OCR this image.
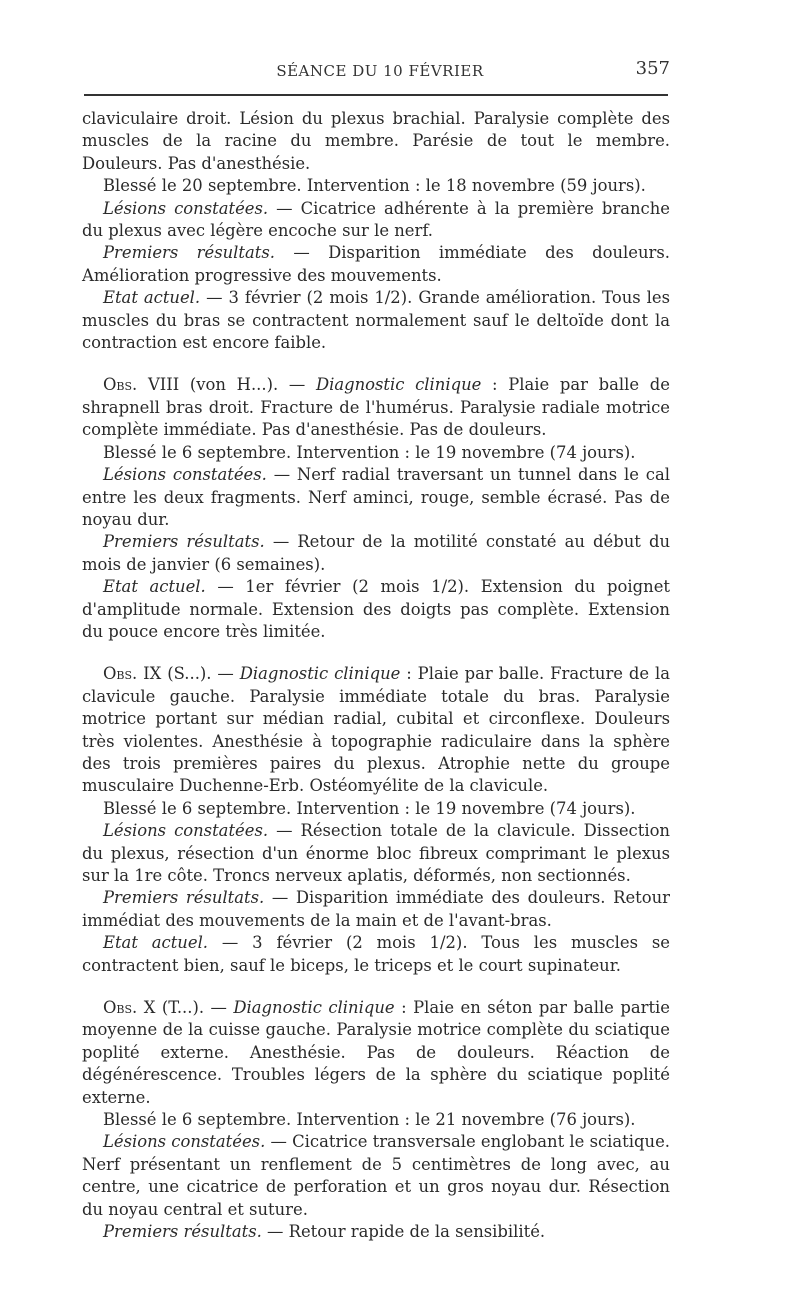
SÉANCE DU 10 FÉVRIER	357

claviculaire droit. Lésion du plexus brachial. Paralysie complète des muscles de la racine du membre. Parésie de tout le membre. Douleurs. Pas d'anesthésie.

Blessé le 20 septembre. Intervention : le 18 novembre (59 jours).

Lésions constatées. — Cicatrice adhérente à la première branche du plexus avec légère encoche sur le nerf.

Premiers résultats. — Disparition immédiate des douleurs. Amélioration progressive des mouvements.

Etat actuel. — 3 février (2 mois 1/2). Grande amélioration. Tous les muscles du bras se contractent normalement sauf le deltoïde dont la contraction est encore faible.

Obs. VIII (von H...). — Diagnostic clinique : Plaie par balle de shrapnell bras droit. Fracture de l'humérus. Paralysie radiale motrice complète immédiate. Pas d'anesthésie. Pas de douleurs.

Blessé le 6 septembre. Intervention : le 19 novembre (74 jours).

Lésions constatées. — Nerf radial traversant un tunnel dans le cal entre les deux fragments. Nerf aminci, rouge, semble écrasé. Pas de noyau dur.

Premiers résultats. — Retour de la motilité constaté au début du mois de janvier (6 semaines).

Etat actuel. — 1er février (2 mois 1/2). Extension du poignet d'amplitude normale. Extension des doigts pas complète. Extension du pouce encore très limitée.

Obs. IX (S...). — Diagnostic clinique : Plaie par balle. Fracture de la clavicule gauche. Paralysie immédiate totale du bras. Paralysie motrice portant sur médian radial, cubital et circonflexe. Douleurs très violentes. Anesthésie à topographie radiculaire dans la sphère des trois premières paires du plexus. Atrophie nette du groupe musculaire Duchenne-Erb. Ostéomyélite de la clavicule.

Blessé le 6 septembre. Intervention : le 19 novembre (74 jours).

Lésions constatées. — Résection totale de la clavicule. Dissection du plexus, résection d'un énorme bloc fibreux comprimant le plexus sur la 1re côte. Troncs nerveux aplatis, déformés, non sectionnés.

Premiers résultats. — Disparition immédiate des douleurs. Retour immédiat des mouvements de la main et de l'avant-bras.

Etat actuel. — 3 février (2 mois 1/2). Tous les muscles se contractent bien, sauf le biceps, le triceps et le court supinateur.

Obs. X (T...). — Diagnostic clinique : Plaie en séton par balle partie moyenne de la cuisse gauche. Paralysie motrice complète du sciatique poplité externe. Anesthésie. Pas de douleurs. Réaction de dégénérescence. Troubles légers de la sphère du sciatique poplité externe.

Blessé le 6 septembre. Intervention : le 21 novembre (76 jours).

Lésions constatées. — Cicatrice transversale englobant le sciatique. Nerf présentant un renflement de 5 centimètres de long avec, au centre, une cicatrice de perforation et un gros noyau dur. Résection du noyau central et suture.

Premiers résultats. — Retour rapide de la sensibilité.
